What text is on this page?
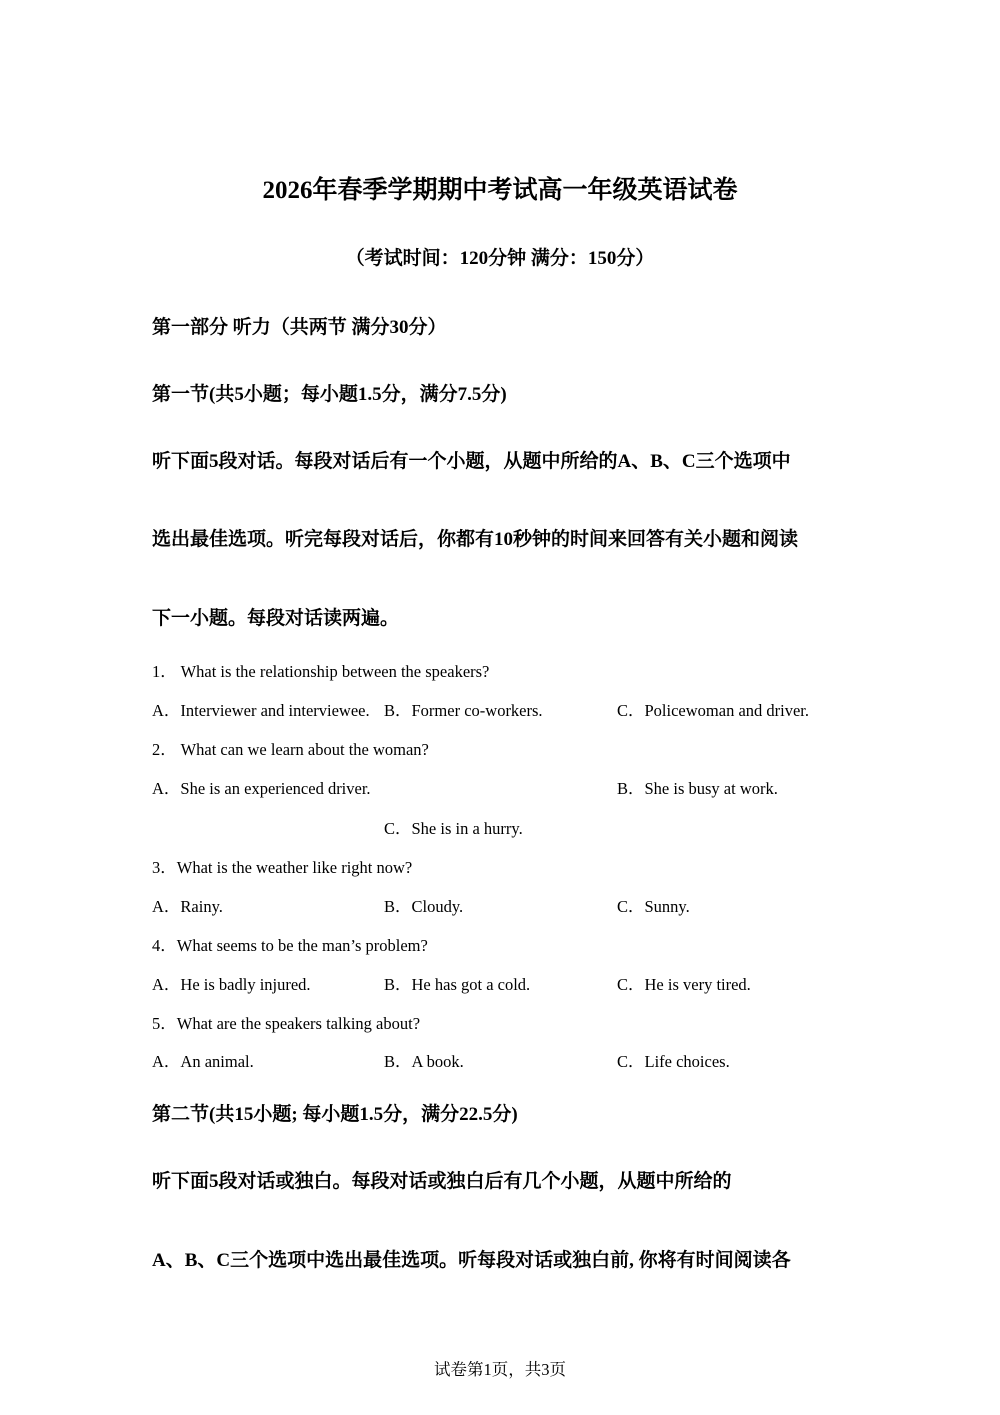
2026年春季学期期中考试高一年级英语试卷
（考试时间：120分钟 满分：150分）
第一部分 听力（共两节 满分30分）
第一节(共5小题；每小题1.5分，满分7.5分)
听下面5段对话。每段对话后有一个小题，从题中所给的A、B、C三个选项中
选出最佳选项。听完每段对话后，你都有10秒钟的时间来回答有关小题和阅读
下一小题。每段对话读两遍。
1． What is the relationship between the speakers?
A．Interviewer and interviewee. B．Former co-workers.	C．Policewoman and driver.
2． What can we learn about the woman?
A．She is an experienced driver.	B．She is busy at work.
C．She is in a hurry.
3．What is the weather like right now?
A．Rainy.	B．Cloudy.	C．Sunny.
4．What seems to be the man’s problem?
A．He is badly injured.	B．He has got a cold.	C．He is very tired.
5．What are the speakers talking about?
A．An animal.	B．A book.	C．Life choices.
第二节(共15小题; 每小题1.5分，满分22.5分)
听下面5段对话或独白。每段对话或独白后有几个小题，从题中所给的
A、B、C三个选项中选出最佳选项。听每段对话或独白前, 你将有时间阅读各
试卷第1页，共3页
